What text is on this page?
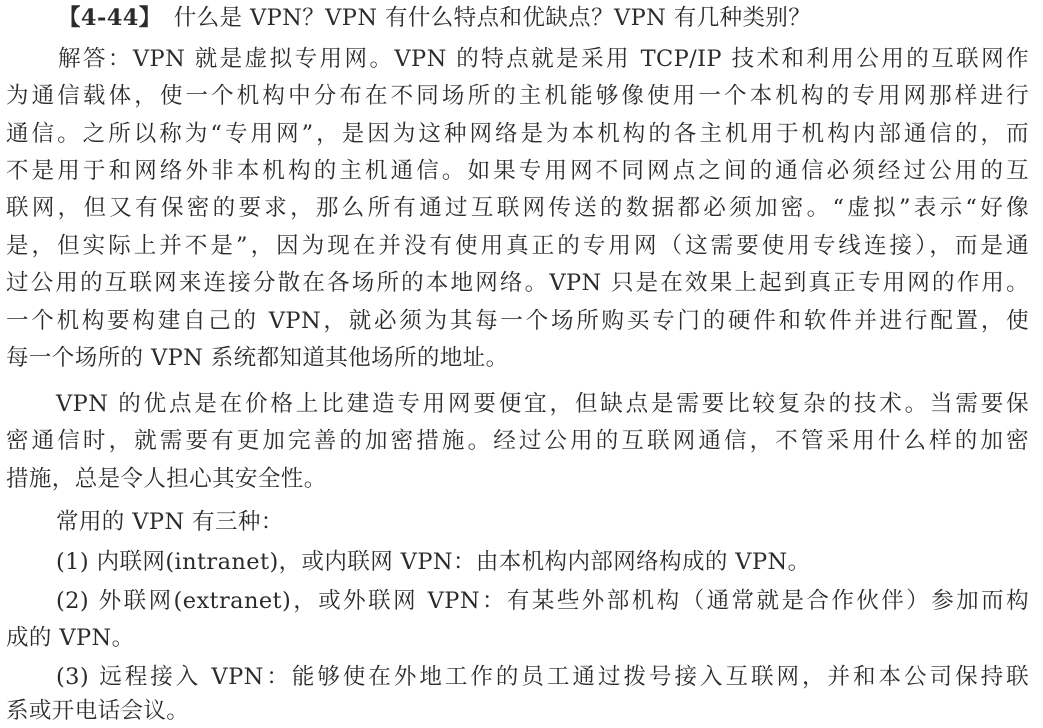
【4-44】 什么是 VPN？VPN 有什么特点和优缺点？VPN 有几种类别？
解答：VPN 就是虚拟专用网。VPN 的特点就是采用 TCP/IP 技术和利用公用的互联网作
为通信载体，使一个机构中分布在不同场所的主机能够像使用一个本机构的专用网那样进行
通信。之所以称为“专用网”，是因为这种网络是为本机构的各主机用于机构内部通信的，而
不是用于和网络外非本机构的主机通信。如果专用网不同网点之间的通信必须经过公用的互
联网，但又有保密的要求，那么所有通过互联网传送的数据都必须加密。“虚拟”表示“好像
是，但实际上并不是”，因为现在并没有使用真正的专用网（这需要使用专线连接），而是通
过公用的互联网来连接分散在各场所的本地网络。VPN 只是在效果上起到真正专用网的作用。
一个机构要构建自己的 VPN，就必须为其每一个场所购买专门的硬件和软件并进行配置，使
每一个场所的 VPN 系统都知道其他场所的地址。
VPN 的优点是在价格上比建造专用网要便宜，但缺点是需要比较复杂的技术。当需要保
密通信时，就需要有更加完善的加密措施。经过公用的互联网通信，不管采用什么样的加密
措施，总是令人担心其安全性。
常用的 VPN 有三种：
(1) 内联网(intranet)，或内联网 VPN：由本机构内部网络构成的 VPN。
(2) 外联网(extranet)，或外联网 VPN：有某些外部机构（通常就是合作伙伴）参加而构
成的 VPN。
(3) 远程接入 VPN：能够使在外地工作的员工通过拨号接入互联网，并和本公司保持联
系或开电话会议。
